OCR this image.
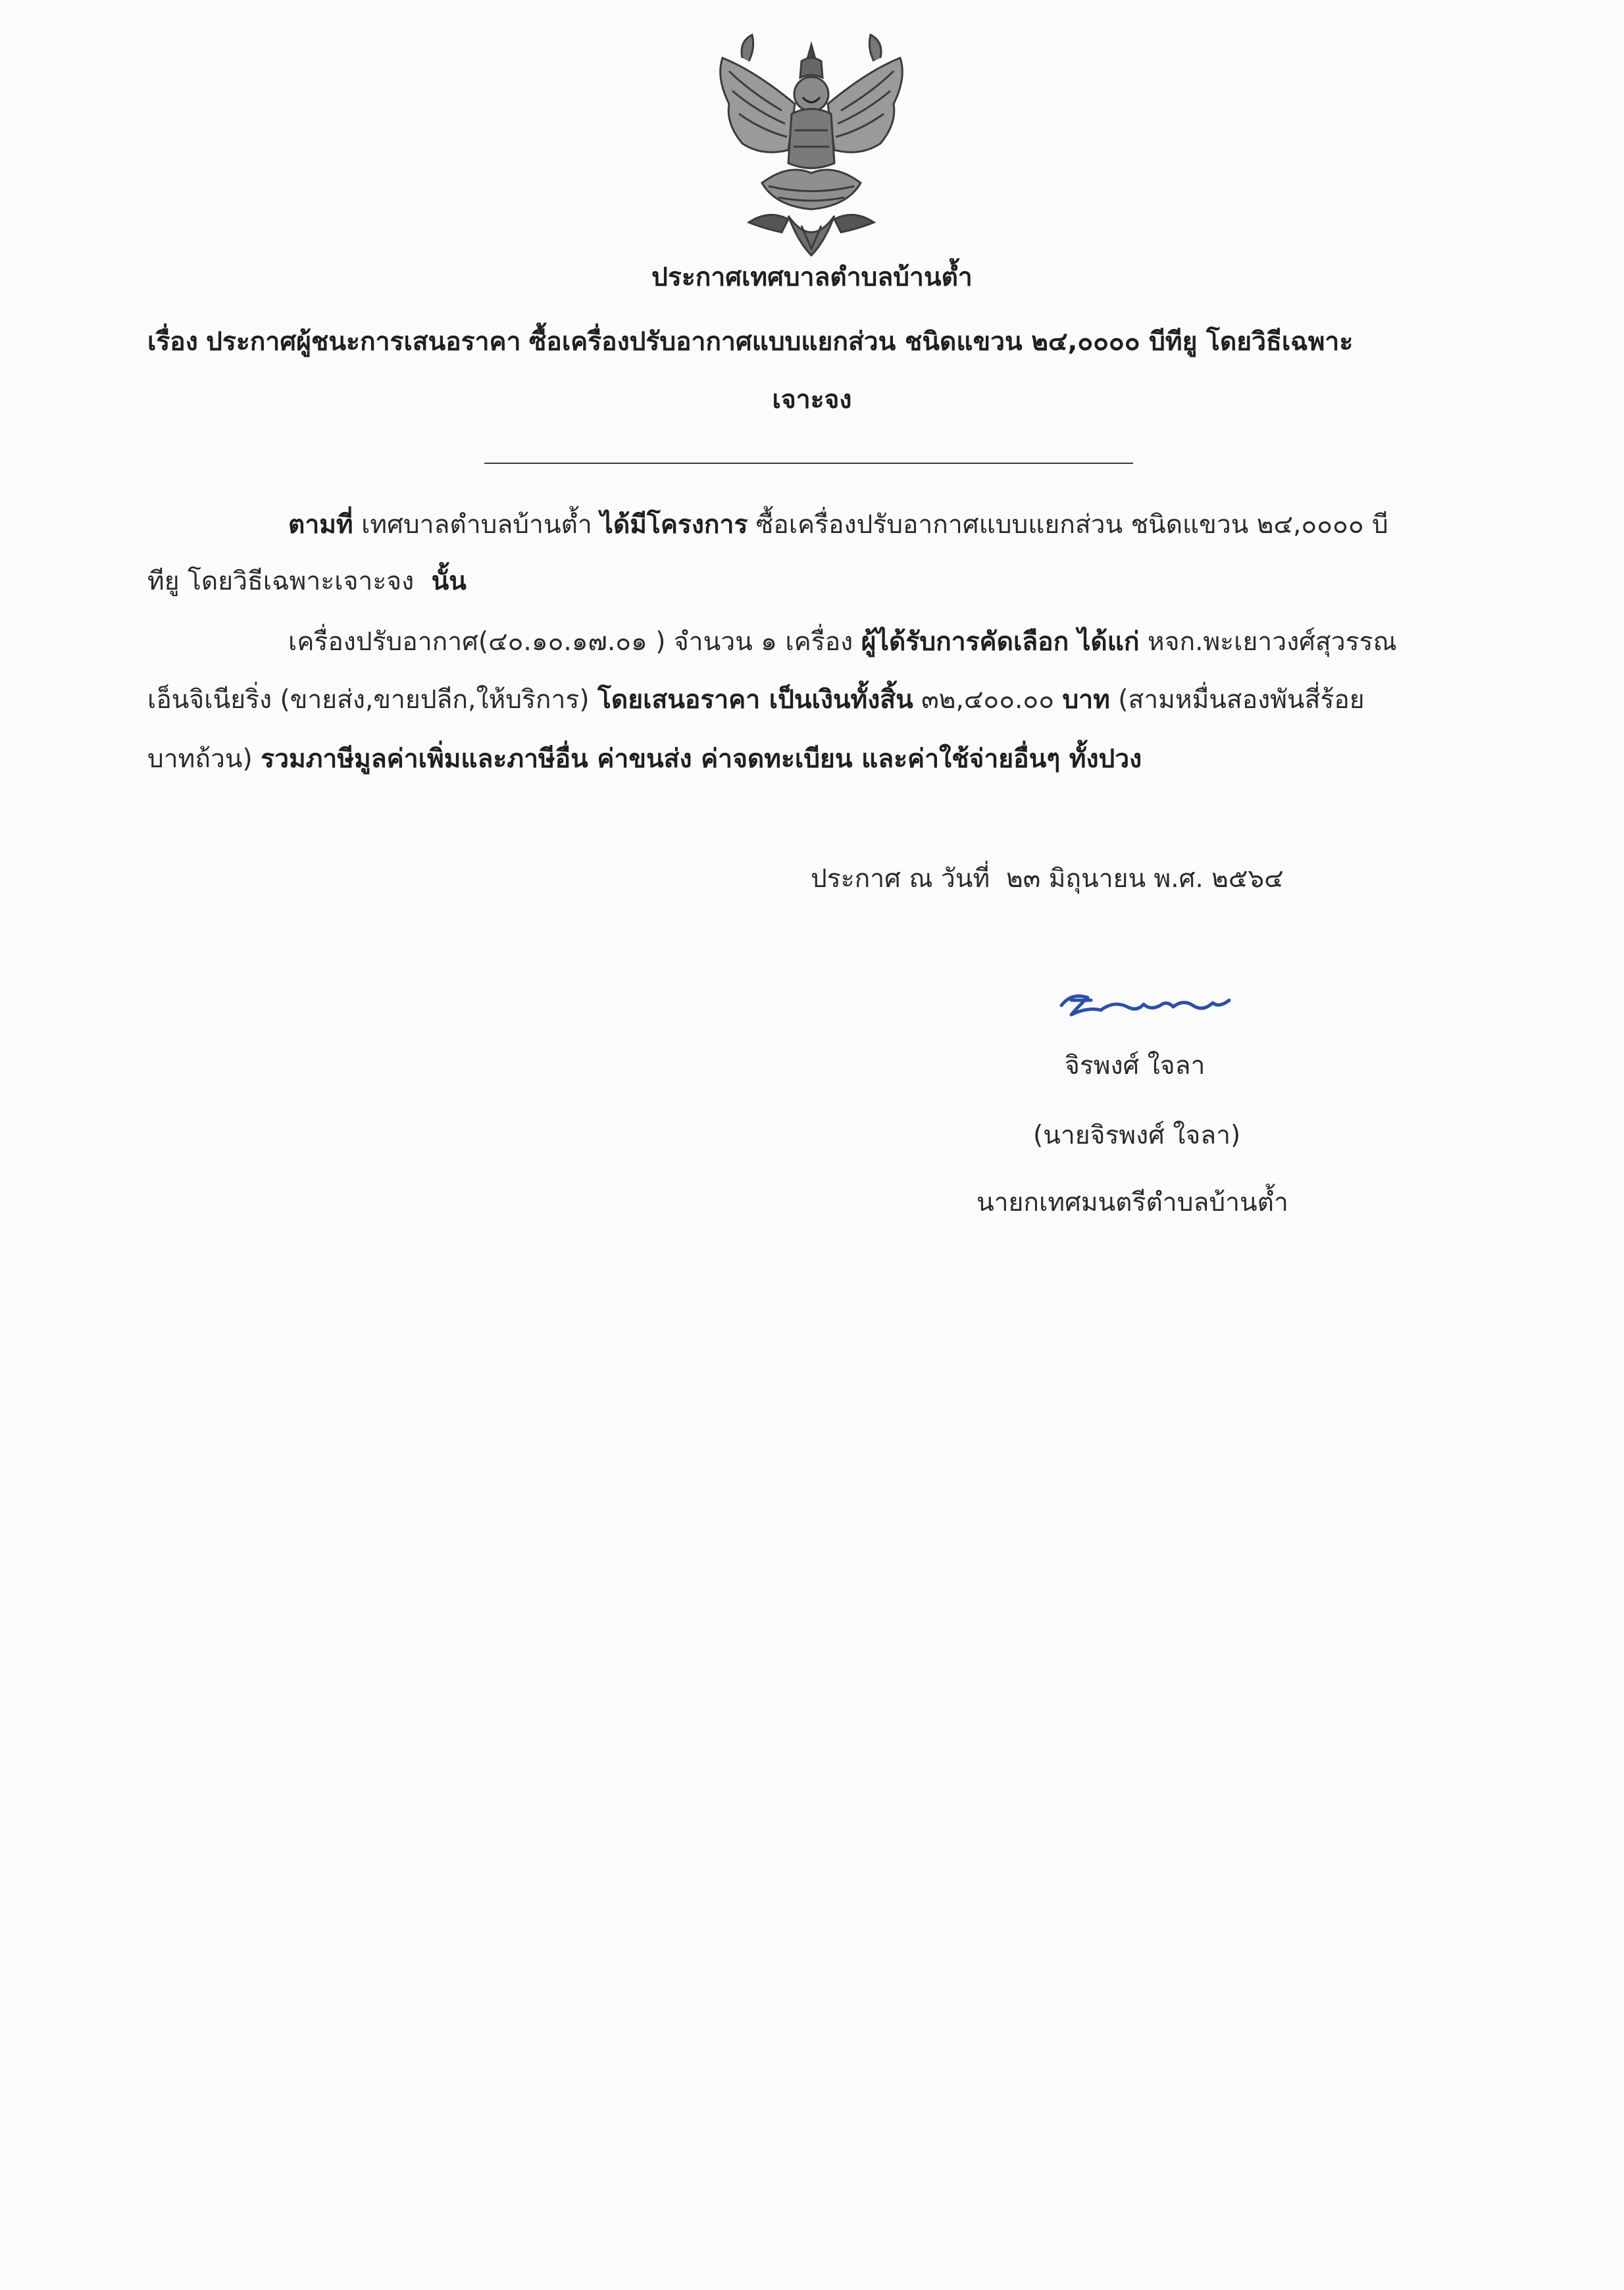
ประกาศเทศบาลตำบลบ้านต้ำ
เรื่อง ประกาศผู้ชนะการเสนอราคา ซื้อเครื่องปรับอากาศแบบแยกส่วน ชนิดแขวน ๒๔,๐๐๐๐ บีทียู โดยวิธีเฉพาะ
เจาะจง
ตามที่ เทศบาลตำบลบ้านต้ำ ได้มีโครงการ ซื้อเครื่องปรับอากาศแบบแยกส่วน ชนิดแขวน ๒๔,๐๐๐๐ บี
ทียู โดยวิธีเฉพาะเจาะจง นั้น
เครื่องปรับอากาศ(๔๐.๑๐.๑๗.๐๑ ) จำนวน ๑ เครื่อง ผู้ได้รับการคัดเลือก ได้แก่ หจก.พะเยาวงศ์สุวรรณ
เอ็นจิเนียริ่ง (ขายส่ง,ขายปลีก,ให้บริการ) โดยเสนอราคา เป็นเงินทั้งสิ้น ๓๒,๔๐๐.๐๐ บาท (สามหมื่นสองพันสี่ร้อย
บาทถ้วน) รวมภาษีมูลค่าเพิ่มและภาษีอื่น ค่าขนส่ง ค่าจดทะเบียน และค่าใช้จ่ายอื่นๆ ทั้งปวง
ประกาศ ณ วันที่  ๒๓ มิถุนายน พ.ศ. ๒๕๖๔
จิรพงศ์ ใจลา
(นายจิรพงศ์ ใจลา)
นายกเทศมนตรีตำบลบ้านต้ำ
